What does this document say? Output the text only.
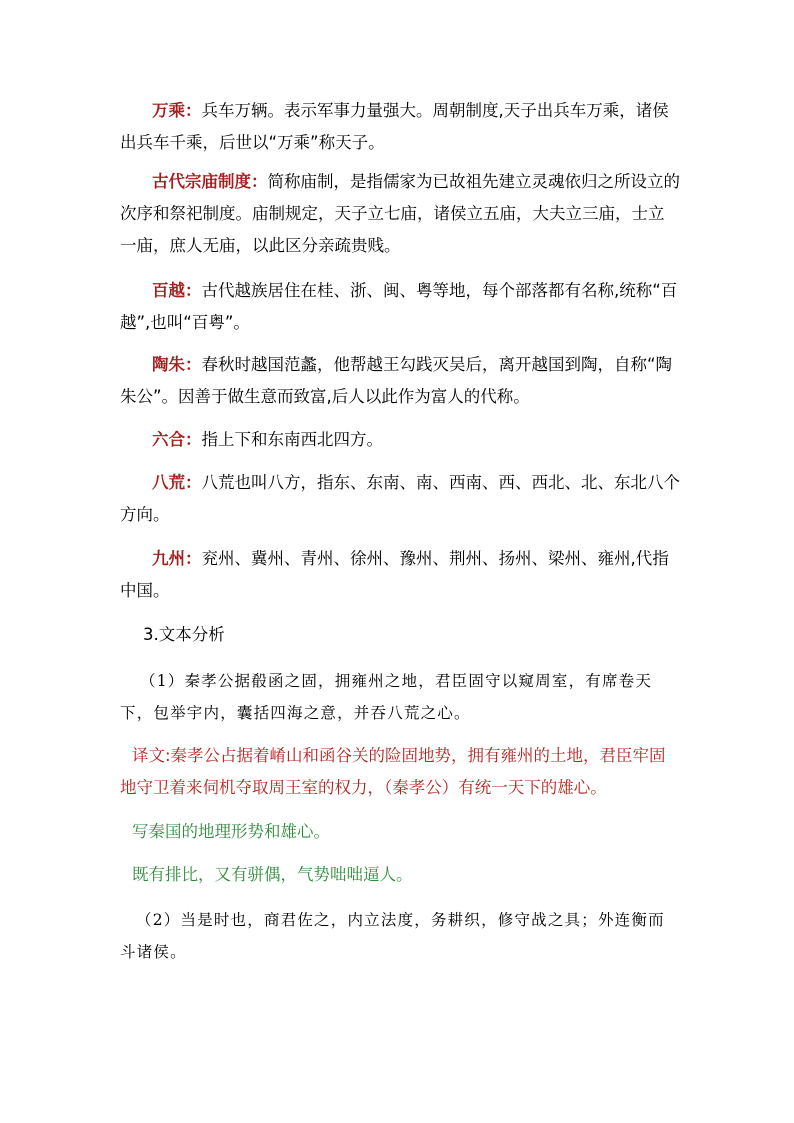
万乘：兵车万辆。表示军事力量强大。周朝制度,天子出兵车万乘，诸侯出兵车千乘，后世以“万乘”称天子。

古代宗庙制度：简称庙制，是指儒家为已故祖先建立灵魂依归之所设立的次序和祭祀制度。庙制规定，天子立七庙，诸侯立五庙，大夫立三庙，士立一庙，庶人无庙，以此区分亲疏贵贱。

百越：古代越族居住在桂、浙、闽、粤等地，每个部落都有名称,统称“百越”,也叫“百粤”。

陶朱：春秋时越国范蠡，他帮越王勾践灭吴后，离开越国到陶，自称“陶朱公”。因善于做生意而致富,后人以此作为富人的代称。

六合：指上下和东南西北四方。

八荒：八荒也叫八方，指东、东南、南、西南、西、西北、北、东北八个方向。

九州：兖州、冀州、青州、徐州、豫州、荆州、扬州、梁州、雍州,代指中国。

3.文本分析

（1）秦孝公据殽函之固，拥雍州之地，君臣固守以窥周室，有席卷天下，包举宇内，囊括四海之意，并吞八荒之心。

译文:秦孝公占据着崤山和函谷关的险固地势，拥有雍州的土地，君臣牢固地守卫着来伺机夺取周王室的权力，（秦孝公）有统一天下的雄心。

写秦国的地理形势和雄心。

既有排比，又有骈偶，气势咄咄逼人。

（2）当是时也，商君佐之，内立法度，务耕织，修守战之具；外连衡而斗诸侯。
